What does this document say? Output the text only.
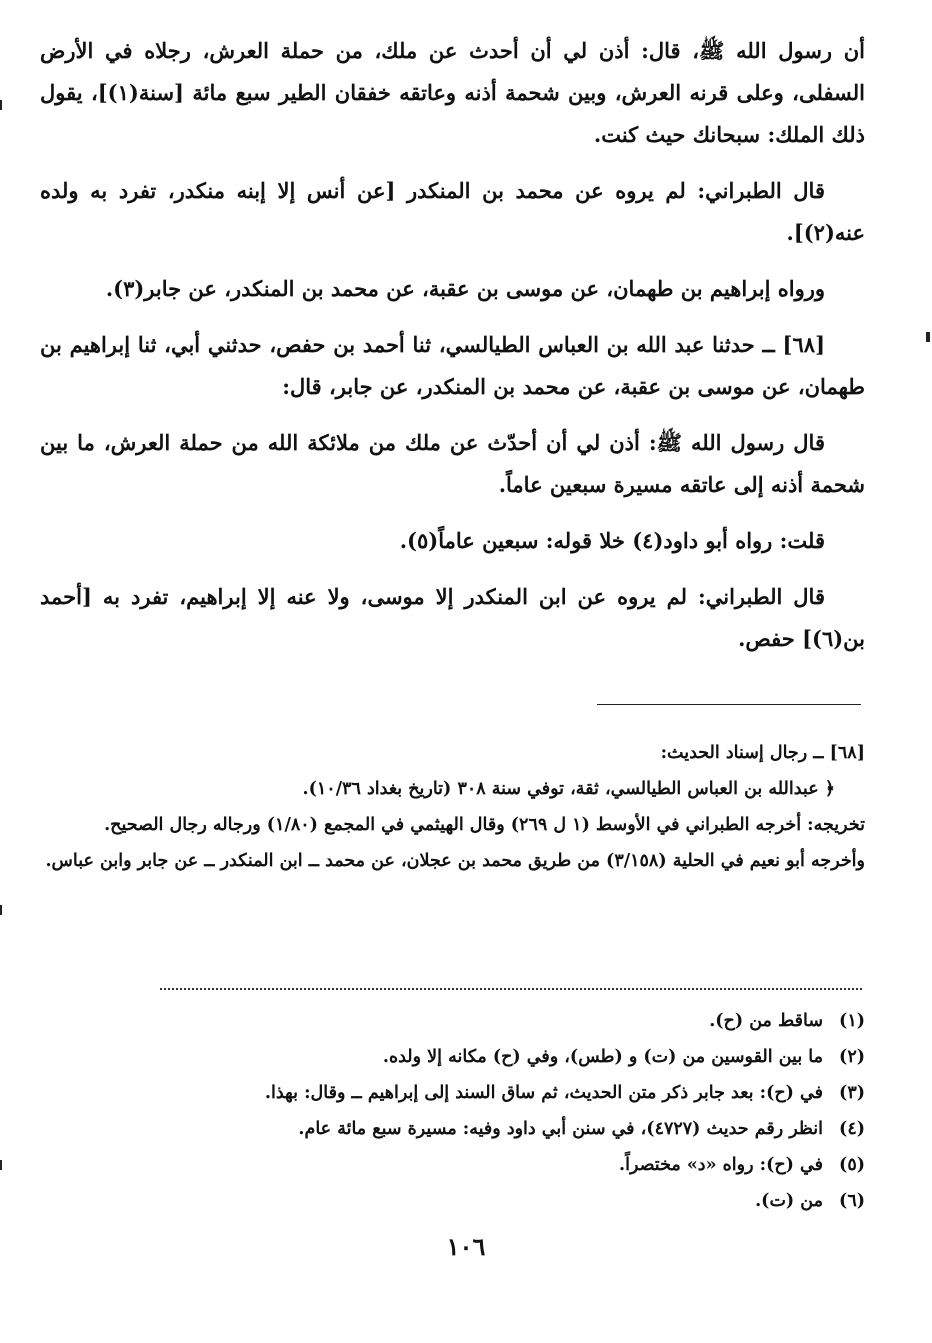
أن رسول الله ﷺ، قال: أذن لي أن أحدث عن ملك، من حملة العرش، رجلاه في الأرض السفلى، وعلى قرنه العرش، وبين شحمة أذنه وعاتقه خفقان الطير سبع مائة [سنة(١)]، يقول ذلك الملك: سبحانك حيث كنت.

قال الطبراني: لم يروه عن محمد بن المنكدر [عن أنس إلا إبنه منكدر، تفرد به ولده عنه(٢)].

ورواه إبراهيم بن طهمان، عن موسى بن عقبة، عن محمد بن المنكدر، عن جابر(٣).

[٦٨] ــ حدثنا عبد الله بن العباس الطيالسي، ثنا أحمد بن حفص، حدثني أبي، ثنا إبراهيم بن طهمان، عن موسى بن عقبة، عن محمد بن المنكدر، عن جابر، قال:

قال رسول الله ﷺ: أذن لي أن أحدّث عن ملك من ملائكة الله من حملة العرش، ما بين شحمة أذنه إلى عاتقه مسيرة سبعين عاماً.

قلت: رواه أبو داود(٤) خلا قوله: سبعين عاماً(٥).

قال الطبراني: لم يروه عن ابن المنكدر إلا موسى، ولا عنه إلا إبراهيم، تفرد به [أحمد بن(٦)] حفص.

[٦٨] ــ رجال إسناد الحديث:

﴿ عبدالله بن العباس الطيالسي، ثقة، توفي سنة ٣٠٨ (تاريخ بغداد ١٠/٣٦).

تخريجه: أخرجه الطبراني في الأوسط (١ ل ٢٦٩) وقال الهيثمي في المجمع (١/٨٠) ورجاله رجال الصحيح.

وأخرجه أبو نعيم في الحلية (٣/١٥٨) من طريق محمد بن عجلان، عن محمد ــ ابن المنكدر ــ عن جابر وابن عباس.

(١)
ساقط من (ح).
(٢)
ما بين القوسين من (ت) و (طس)، وفي (ح) مكانه إلا ولده.
(٣)
في (ح): بعد جابر ذكر متن الحديث، ثم ساق السند إلى إبراهيم ــ وقال: بهذا.
(٤)
انظر رقم حديث (٤٧٢٧)، في سنن أبي داود وفيه: مسيرة سبع مائة عام.
(٥)
في (ح): رواه «د» مختصراً.
(٦)
من (ت).
١٠٦
